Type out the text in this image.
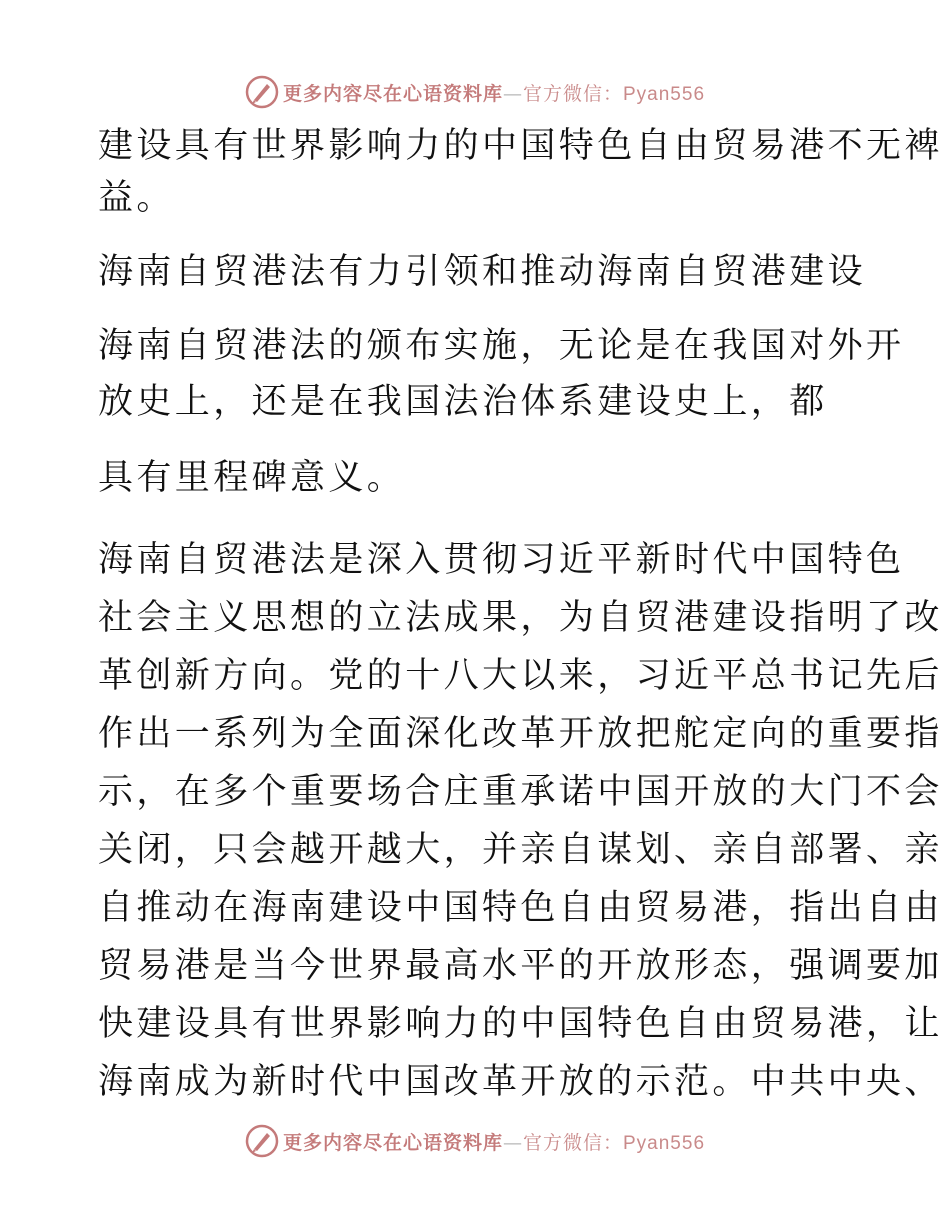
更多内容尽在心语资料库—官方微信：Pyan556
建设具有世界影响力的中国特色自由贸易港不无裨
益。
海南自贸港法有力引领和推动海南自贸港建设
海南自贸港法的颁布实施，无论是在我国对外开
放史上，还是在我国法治体系建设史上，都
具有里程碑意义。
海南自贸港法是深入贯彻习近平新时代中国特色
社会主义思想的立法成果，为自贸港建设指明了改
革创新方向。党的十八大以来，习近平总书记先后
作出一系列为全面深化改革开放把舵定向的重要指
示，在多个重要场合庄重承诺中国开放的大门不会
关闭，只会越开越大，并亲自谋划、亲自部署、亲
自推动在海南建设中国特色自由贸易港，指出自由
贸易港是当今世界最高水平的开放形态，强调要加
快建设具有世界影响力的中国特色自由贸易港，让
海南成为新时代中国改革开放的示范。中共中央、
更多内容尽在心语资料库—官方微信：Pyan556
